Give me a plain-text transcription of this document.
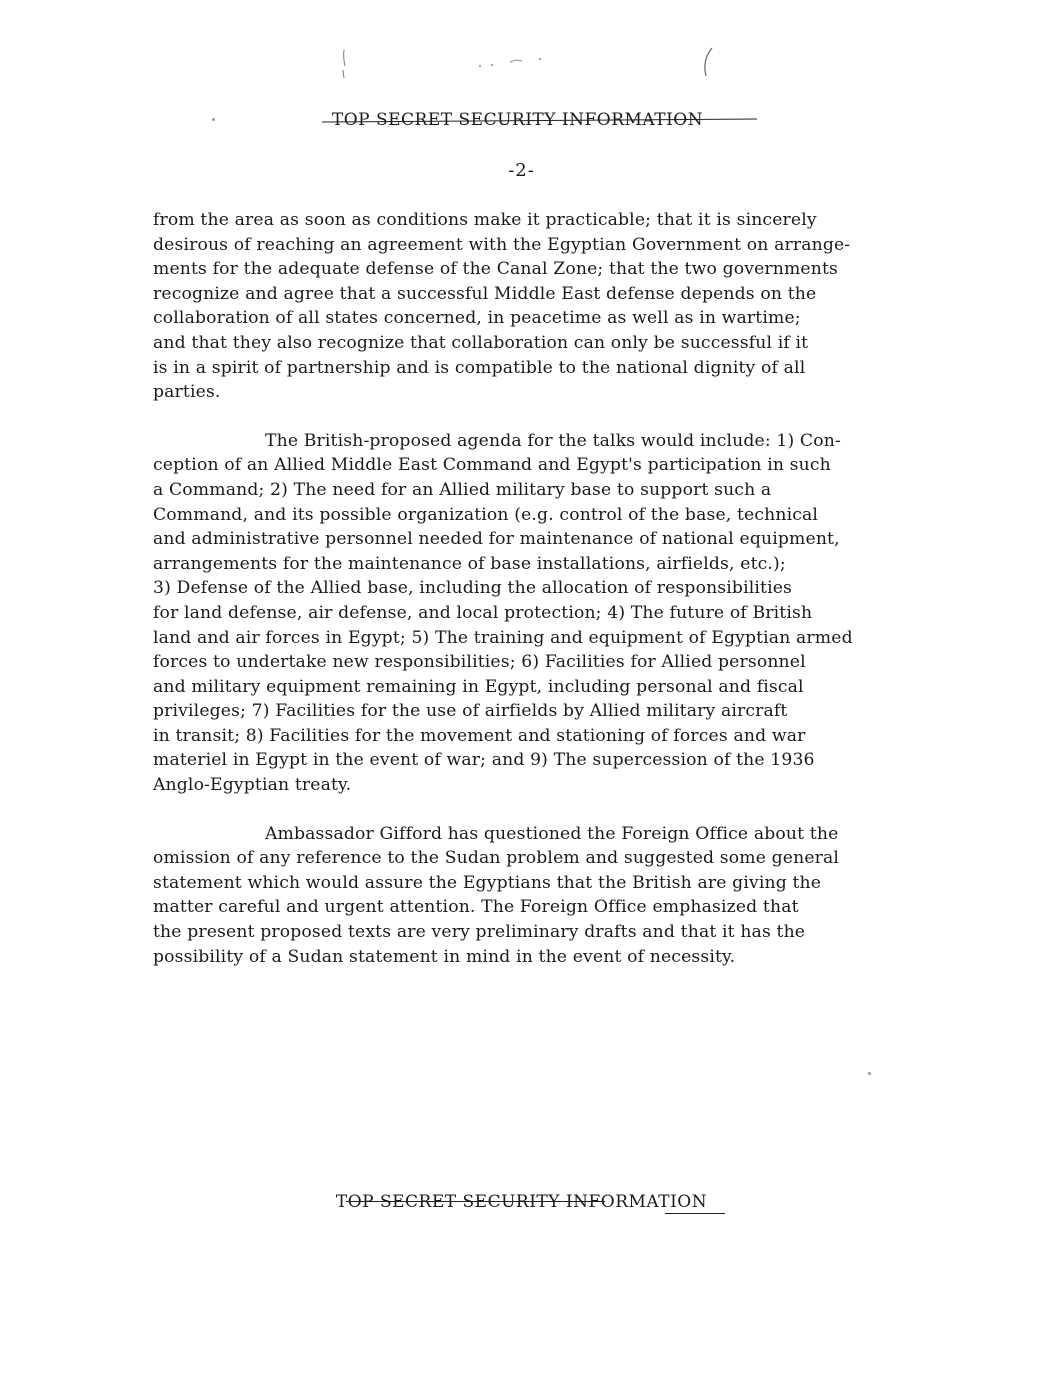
TOP SECRET SECURITY INFORMATION
-2-
from the area as soon as conditions make it practicable; that it is sincerely
desirous of reaching an agreement with the Egyptian Government on arrange-
ments for the adequate defense of the Canal Zone; that the two governments
recognize and agree that a successful Middle East defense depends on the
collaboration of all states concerned, in peacetime as well as in wartime;
and that they also recognize that collaboration can only be successful if it
is in a spirit of partnership and is compatible to the national dignity of all
parties.
The British-proposed agenda for the talks would include: 1) Con-
ception of an Allied Middle East Command and Egypt's participation in such
a Command; 2) The need for an Allied military base to support such a
Command, and its possible organization (e.g. control of the base, technical
and administrative personnel needed for maintenance of national equipment,
arrangements for the maintenance of base installations, airfields, etc.);
3) Defense of the Allied base, including the allocation of responsibilities
for land defense, air defense, and local protection; 4) The future of British
land and air forces in Egypt; 5) The training and equipment of Egyptian armed
forces to undertake new responsibilities; 6) Facilities for Allied personnel
and military equipment remaining in Egypt, including personal and fiscal
privileges; 7) Facilities for the use of airfields by Allied military aircraft
in transit; 8) Facilities for the movement and stationing of forces and war
materiel in Egypt in the event of war; and 9) The supercession of the 1936
Anglo-Egyptian treaty.
Ambassador Gifford has questioned the Foreign Office about the
omission of any reference to the Sudan problem and suggested some general
statement which would assure the Egyptians that the British are giving the
matter careful and urgent attention. The Foreign Office emphasized that
the present proposed texts are very preliminary drafts and that it has the
possibility of a Sudan statement in mind in the event of necessity.
TOP SECRET SECURITY INFORMATION
